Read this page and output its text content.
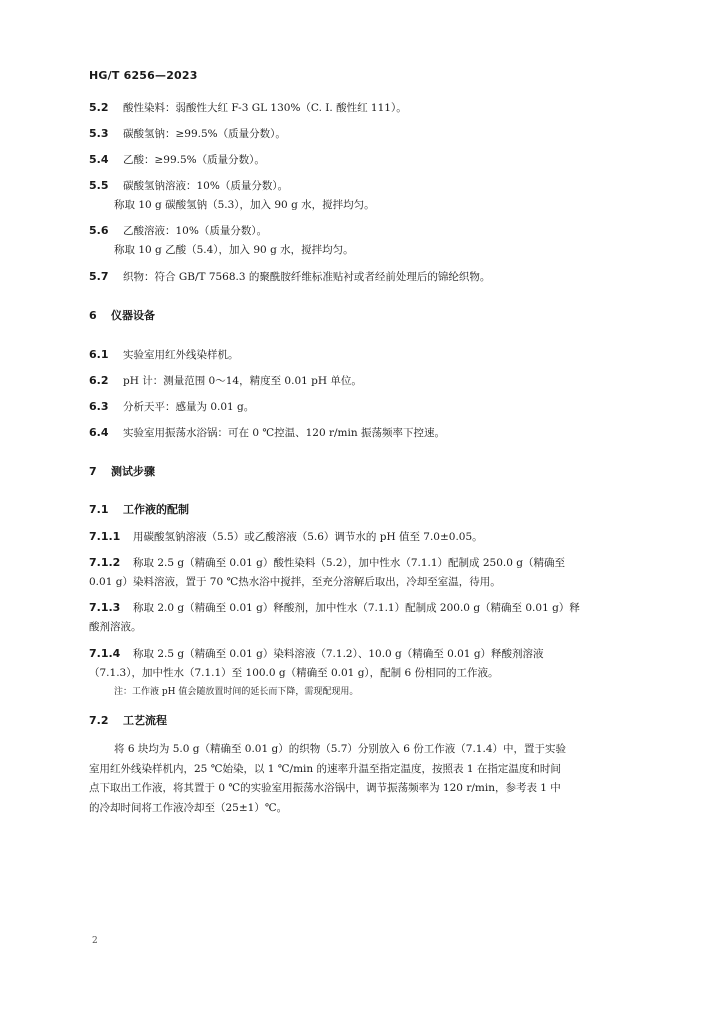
HG/T 6256—2023
5.2 酸性染料：弱酸性大红 F-3 GL 130%（C. I. 酸性红 111）。
5.3 碳酸氢钠：≥99.5%（质量分数）。
5.4 乙酸：≥99.5%（质量分数）。
5.5 碳酸氢钠溶液：10%（质量分数）。
称取 10 g 碳酸氢钠（5.3），加入 90 g 水，搅拌均匀。
5.6 乙酸溶液：10%（质量分数）。
称取 10 g 乙酸（5.4），加入 90 g 水，搅拌均匀。
5.7 织物：符合 GB/T 7568.3 的聚酰胺纤维标准贴衬或者经前处理后的锦纶织物。
6 仪器设备
6.1 实验室用红外线染样机。
6.2 pH 计：测量范围 0～14，精度至 0.01 pH 单位。
6.3 分析天平：感量为 0.01 g。
6.4 实验室用振荡水浴锅：可在 0 ℃控温、120 r/min 振荡频率下控速。
7 测试步骤
7.1 工作液的配制
7.1.1 用碳酸氢钠溶液（5.5）或乙酸溶液（5.6）调节水的 pH 值至 7.0±0.05。
7.1.2 称取 2.5 g（精确至 0.01 g）酸性染料（5.2），加中性水（7.1.1）配制成 250.0 g（精确至
0.01 g）染料溶液，置于 70 ℃热水浴中搅拌，至充分溶解后取出，冷却至室温，待用。
7.1.3 称取 2.0 g（精确至 0.01 g）释酸剂，加中性水（7.1.1）配制成 200.0 g（精确至 0.01 g）释
酸剂溶液。
7.1.4 称取 2.5 g（精确至 0.01 g）染料溶液（7.1.2）、10.0 g（精确至 0.01 g）释酸剂溶液
（7.1.3），加中性水（7.1.1）至 100.0 g（精确至 0.01 g），配制 6 份相同的工作液。
注：工作液 pH 值会随放置时间的延长而下降，需现配现用。
7.2 工艺流程
将 6 块均为 5.0 g（精确至 0.01 g）的织物（5.7）分别放入 6 份工作液（7.1.4）中，置于实验
室用红外线染样机内，25 ℃始染，以 1 ℃/min 的速率升温至指定温度，按照表 1 在指定温度和时间
点下取出工作液，将其置于 0 ℃的实验室用振荡水浴锅中，调节振荡频率为 120 r/min，参考表 1 中
的冷却时间将工作液冷却至（25±1）℃。
2
